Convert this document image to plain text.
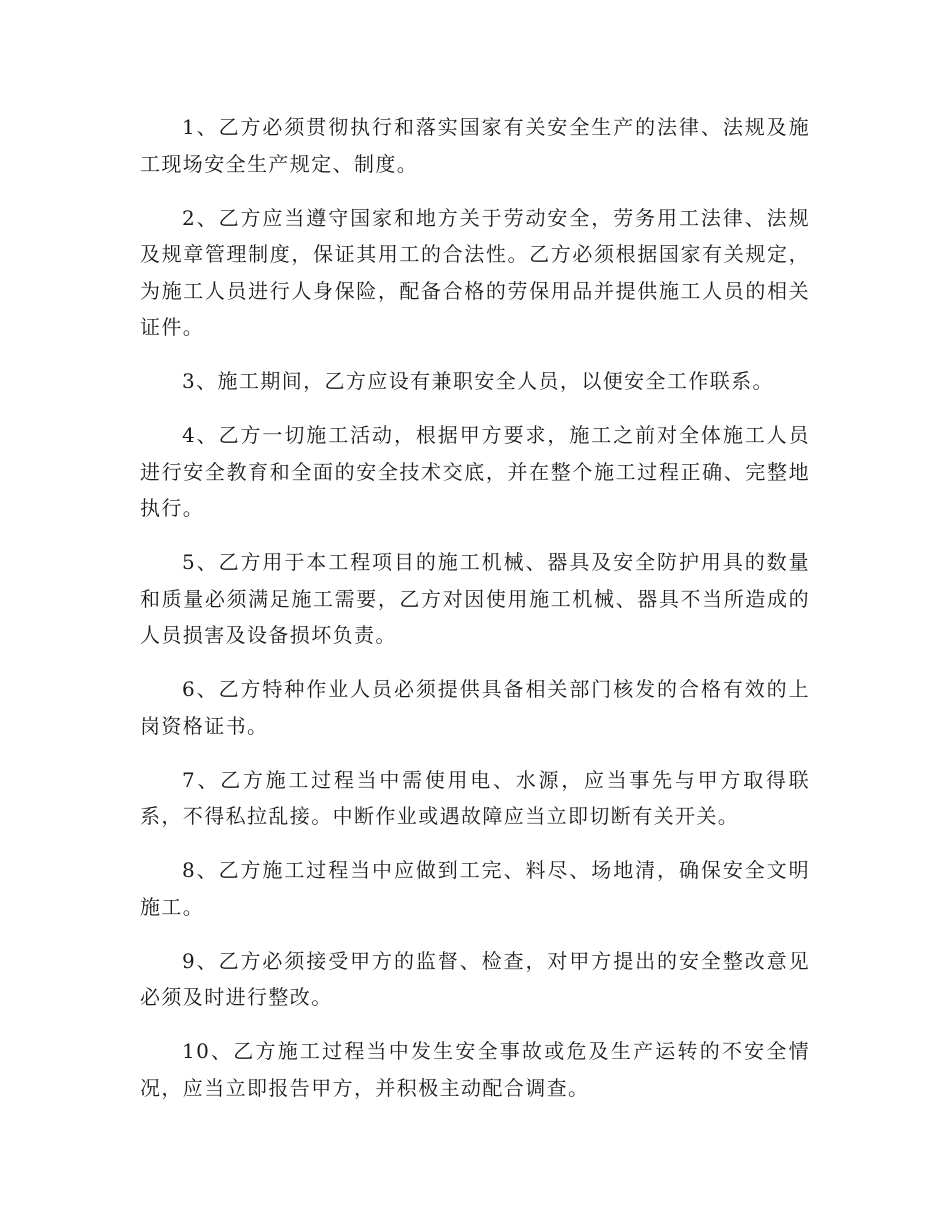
1、乙方必须贯彻执行和落实国家有关安全生产的法律、法规及施工现场安全生产规定、制度。

2、乙方应当遵守国家和地方关于劳动安全，劳务用工法律、法规及规章管理制度，保证其用工的合法性。乙方必须根据国家有关规定，为施工人员进行人身保险，配备合格的劳保用品并提供施工人员的相关证件。

3、施工期间，乙方应设有兼职安全人员，以便安全工作联系。

4、乙方一切施工活动，根据甲方要求，施工之前对全体施工人员进行安全教育和全面的安全技术交底，并在整个施工过程正确、完整地执行。

5、乙方用于本工程项目的施工机械、器具及安全防护用具的数量和质量必须满足施工需要，乙方对因使用施工机械、器具不当所造成的人员损害及设备损坏负责。

6、乙方特种作业人员必须提供具备相关部门核发的合格有效的上岗资格证书。

7、乙方施工过程当中需使用电、水源，应当事先与甲方取得联系，不得私拉乱接。中断作业或遇故障应当立即切断有关开关。

8、乙方施工过程当中应做到工完、料尽、场地清，确保安全文明施工。

9、乙方必须接受甲方的监督、检查，对甲方提出的安全整改意见必须及时进行整改。

10、乙方施工过程当中发生安全事故或危及生产运转的不安全情况，应当立即报告甲方，并积极主动配合调查。
